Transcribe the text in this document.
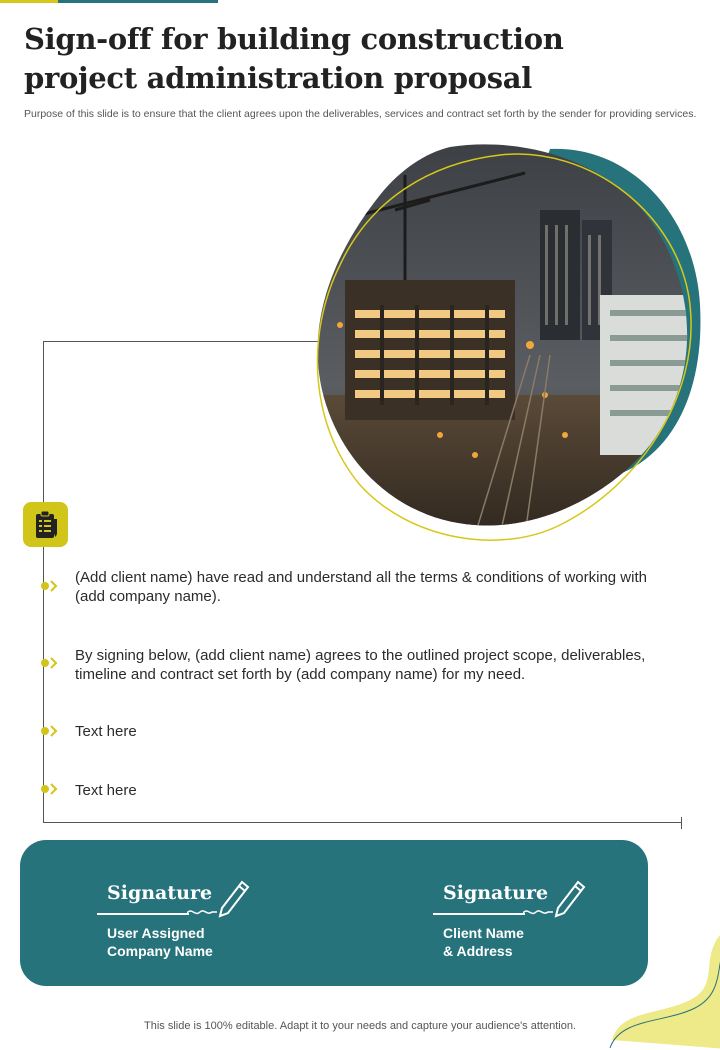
Sign-off for building construction project administration proposal

Purpose of this slide is to ensure that the client agrees upon the deliverables, services and contract set forth by the sender for providing services.

(Add client name) have read and understand all the terms & conditions of working with (add company name).

By signing below, (add client name) agrees to the outlined project scope, deliverables, timeline and contract set forth by (add company name) for my need.

Text here

Text here

Signature

User Assigned
Company Name

Signature

Client Name
& Address

This slide is 100% editable. Adapt it to your needs and capture your audience's attention.
